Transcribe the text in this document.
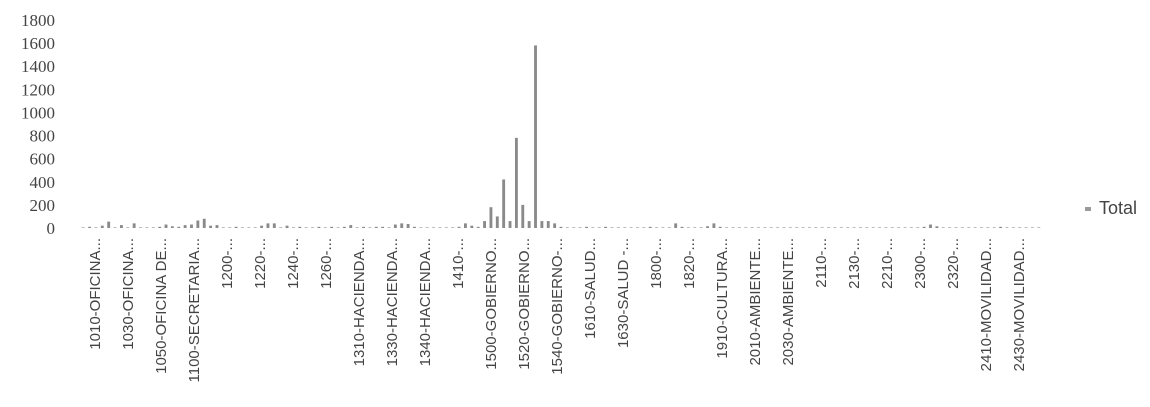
1800
1600
1400
1200
1000
800
600
400
200
0
1010-OFICINA... 1030-OFICINA... 1050-OFICINA DE... 1100-SECRETARIA... 1200-... 1220-... 1240-... 1260-... 1310-HACIENDA... 1330-HACIENDA... 1340-HACIENDA... 1410-... 1500-GOBIERNO... 1520-GOBIERNO... 1540-GOBIERNO-... 1610-SALUD... 1630-SALUD -... 1800-... 1820-... 1910-CULTURA... 2010-AMBIENTE... 2030-AMBIENTE... 2110-... 2130-... 2210-... 2300-... 2320-... 2410-MOVILIDAD... 2430-MOVILIDAD...
Total
